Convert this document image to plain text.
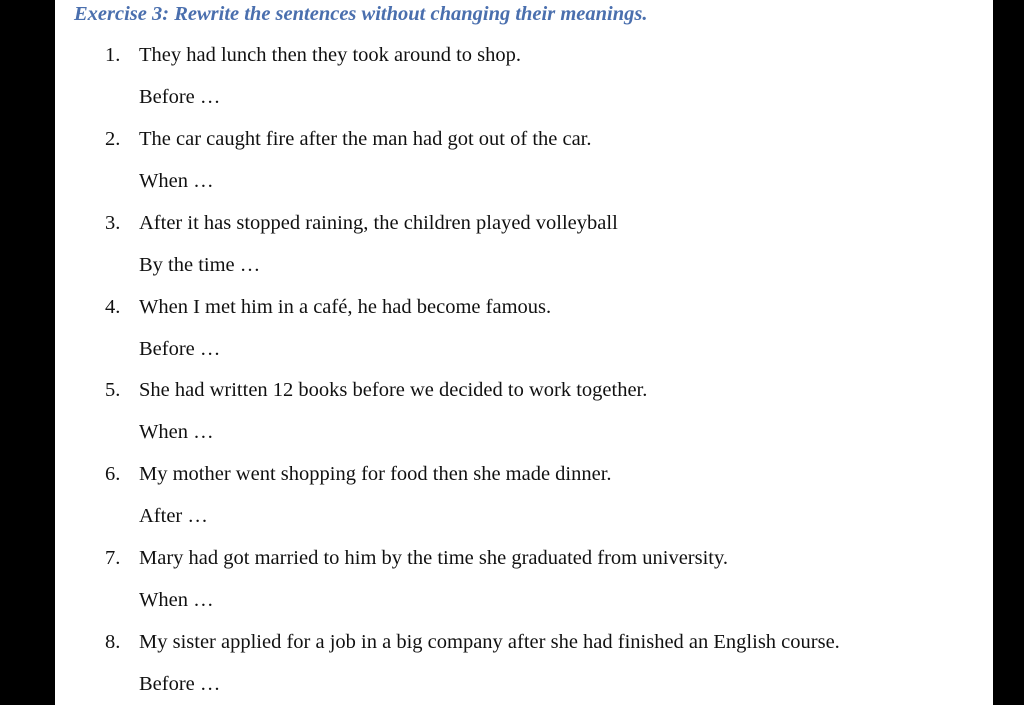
Exercise 3: Rewrite the sentences without changing their meanings.
1. They had lunch then they took around to shop.
Before …
2. The car caught fire after the man had got out of the car.
When …
3. After it has stopped raining, the children played volleyball
By the time …
4. When I met him in a café, he had become famous.
Before …
5. She had written 12 books before we decided to work together.
When …
6. My mother went shopping for food then she made dinner.
After …
7. Mary had got married to him by the time she graduated from university.
When …
8. My sister applied for a job in a big company after she had finished an English course.
Before …
